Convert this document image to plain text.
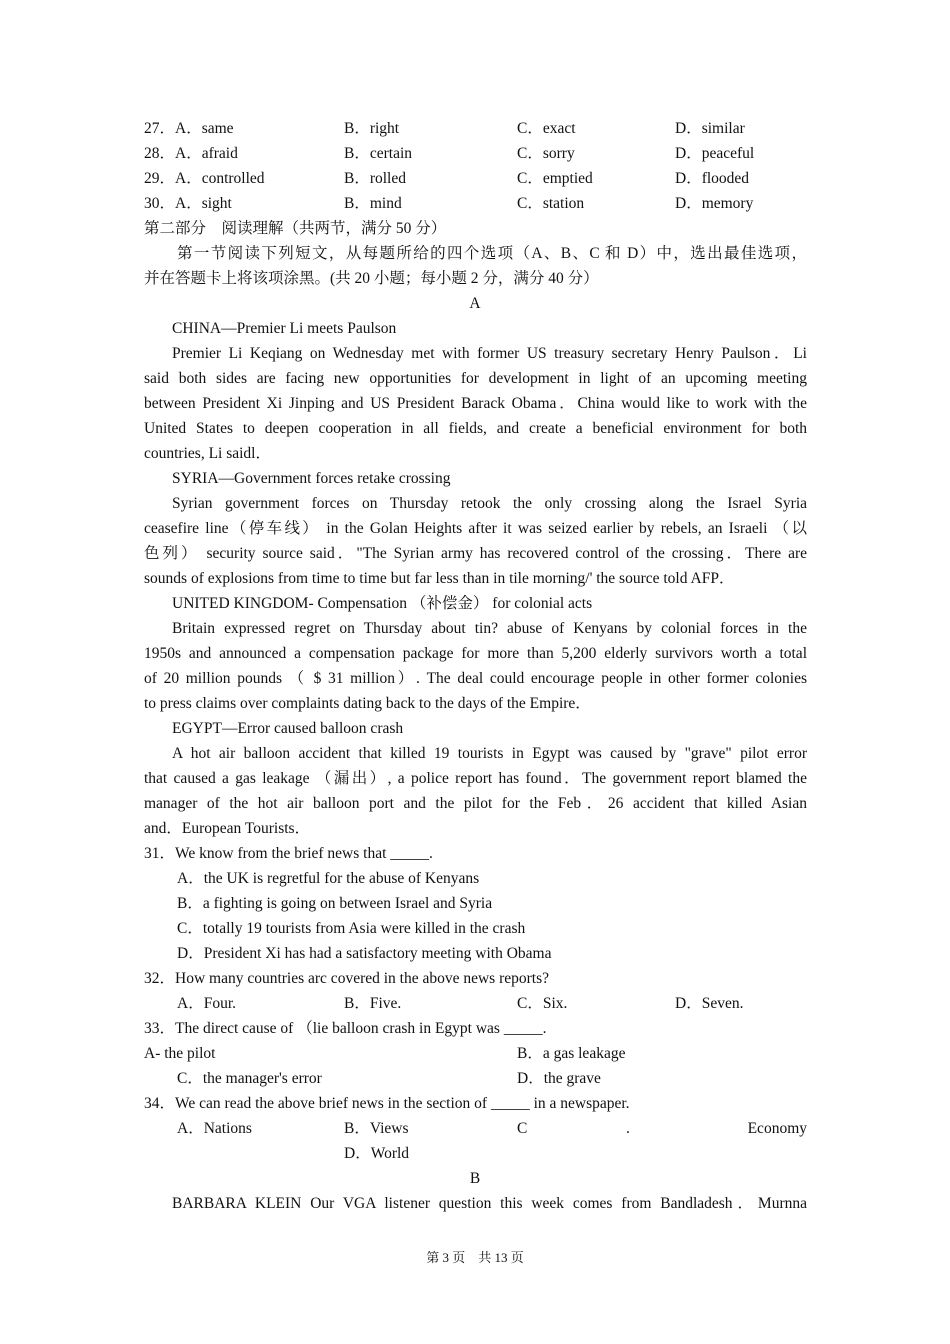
27．A．same	B．right	C．exact	D．similar
28．A．afraid	B．certain	C．sorry	D．peaceful
29．A．controlled	B．rolled	C．emptied	D．flooded
30．A．sight	B．mind	C．station	D．memory
第二部分　阅读理解（共两节，满分 50 分）
第一节阅读下列短文，从每题所给的四个选项（A、B、C 和 D）中，选出最佳选项，
并在答题卡上将该项涂黑。(共 20 小题；每小题 2 分，满分 40 分）
A
CHINA—Premier Li meets Paulson
Premier Li Keqiang on Wednesday met with former US treasury secretary Henry Paulson．Li
said both sides are facing new opportunities for development in light of an upcoming meeting
between President Xi Jinping and US President Barack Obama．China would like to work with the
United States to deepen cooperation in all fields, and create a beneficial environment for both
countries, Li saidl．
SYRIA—Government forces retake crossing
Syrian government forces on Thursday retook the only crossing along the Israel Syria
ceasefire line（停车线） in the Golan Heights after it was seized earlier by rebels, an Israeli （以
色列） security source said．"The Syrian army has recovered control of the crossing．There are
sounds of explosions from time to time but far less than in tile morning/' the source told AFP．
UNITED KINGDOM- Compensation （补偿金） for colonial acts
Britain expressed regret on Thursday about tin? abuse of Kenyans by colonial forces in the
1950s and announced a compensation package for more than 5,200 elderly survivors worth a total
of 20 million pounds （ $ 31 million）. The deal could encourage people in other former colonies
to press claims over complaints dating back to the days of the Empire．
EGYPT—Error caused balloon crash
A hot air balloon accident that killed 19 tourists in Egypt was caused by "grave" pilot error
that caused a gas leakage （漏出）, a police report has found．The government report blamed the
manager of the hot air balloon port and the pilot for the Feb．26 accident that killed Asian
and．European Tourists．
31．We know from the brief news that _____.
A．the UK is regretful for the abuse of Kenyans
B．a fighting is going on between Israel and Syria
C．totally 19 tourists from Asia were killed in the crash
D．President Xi has had a satisfactory meeting with Obama
32．How many countries arc covered in the above news reports?
A．Four.	B．Five.	C．Six.	D．Seven.
33．The direct cause of （lie balloon crash in Egypt was _____.
A- the pilot	B．a gas leakage
C．the manager's error	D．the grave
34．We can read the above brief news in the section of _____ in a newspaper.
A．Nations	B．Views	C	.	Economy
D．World
B
BARBARA KLEIN Our VGA listener question this week comes from Bandladesh．Murnna
第 3 页　共 13 页
